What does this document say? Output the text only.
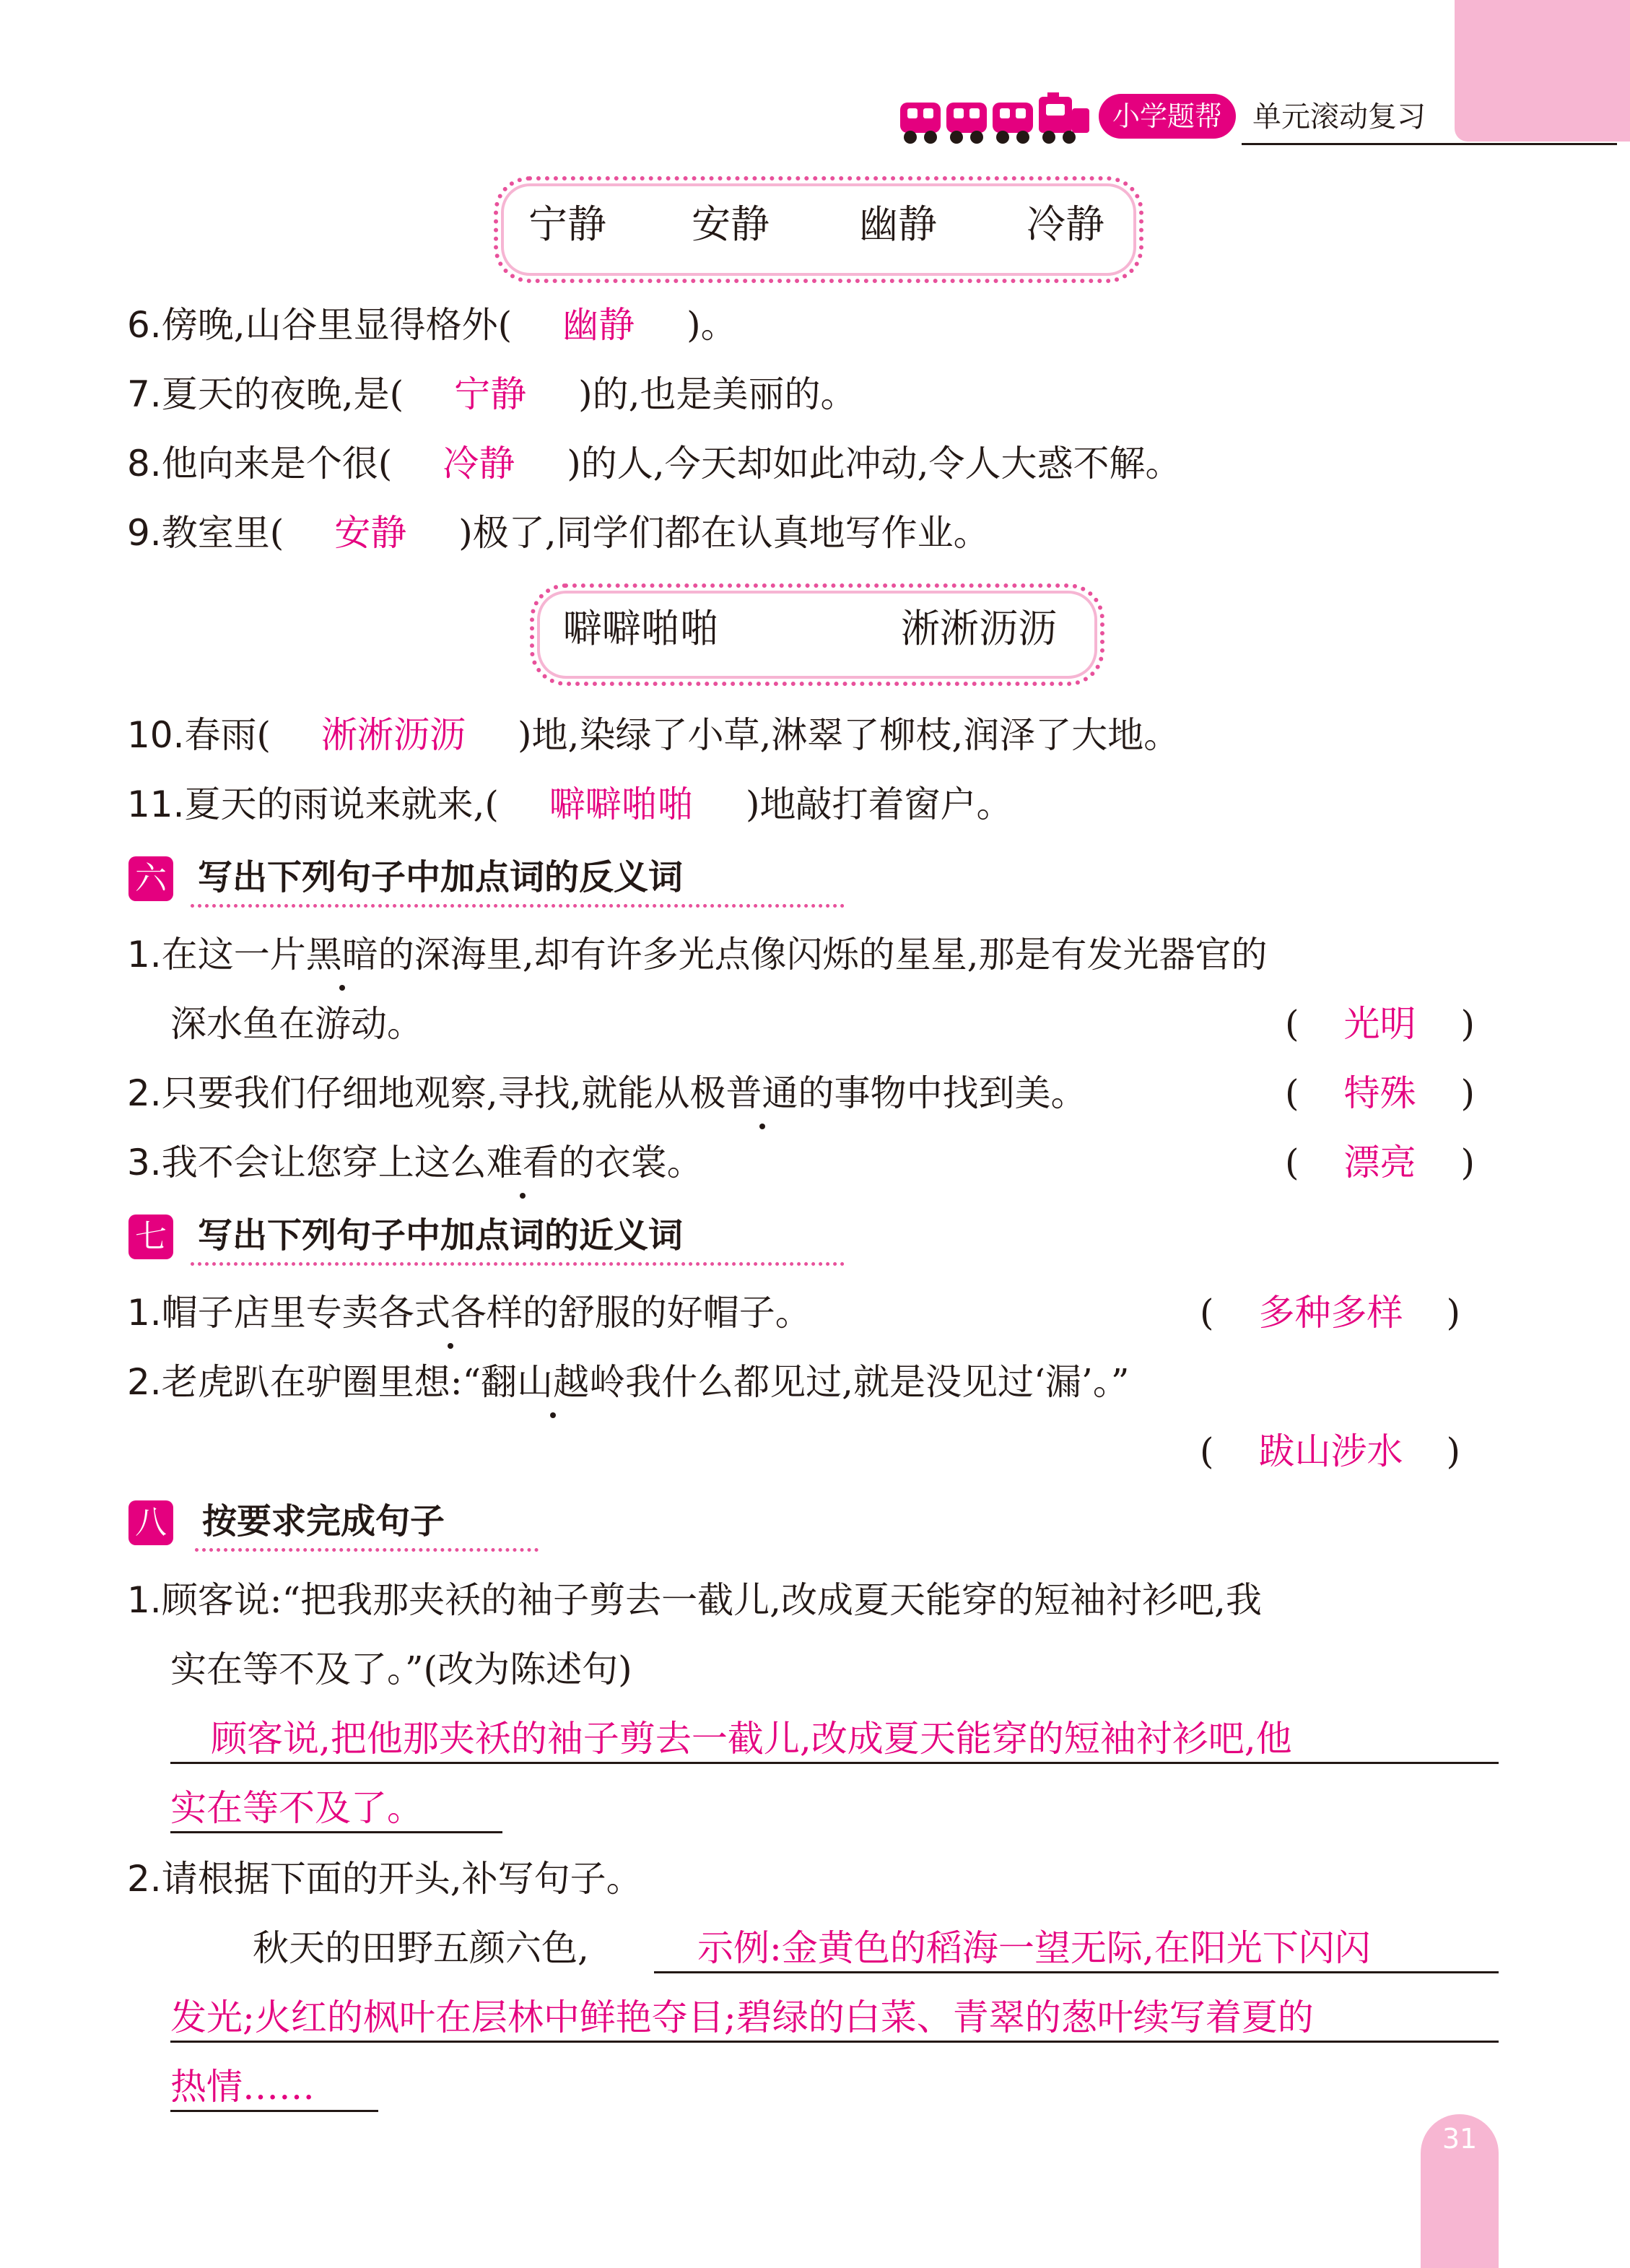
小学题帮	单元滚动复习
宁静 安静 幽静 冷静
6.傍晚,山谷里显得格外( 幽静 )。
7.夏天的夜晚,是( 宁静 )的,也是美丽的。
8.他向来是个很( 冷静 )的人,今天却如此冲动,令人大惑不解。
9.教室里( 安静 )极了,同学们都在认真地写作业。
噼噼啪啪	淅淅沥沥
10.春雨( 淅淅沥沥 )地,染绿了小草,淋翠了柳枝,润泽了大地。
11.夏天的雨说来就来,( 噼噼啪啪 )地敲打着窗户。
六 写出下列句子中加点词的反义词
1.在这一片黑暗的深海里,却有许多光点像闪烁的星星,那是有发光器官的
深水鱼在游动。	( 光明 )
2.只要我们仔细地观察,寻找,就能从极普通的事物中找到美。	( 特殊 )
3.我不会让您穿上这么难看的衣裳。	( 漂亮 )
七 写出下列句子中加点词的近义词
1.帽子店里专卖各式各样的舒服的好帽子。	( 多种多样 )
2.老虎趴在驴圈里想:“翻山越岭我什么都见过,就是没见过‘漏’。”
( 跋山涉水 )
八 按要求完成句子
1.顾客说:“把我那夹袄的袖子剪去一截儿,改成夏天能穿的短袖衬衫吧,我
实在等不及了。”(改为陈述句)
顾客说,把他那夹袄的袖子剪去一截儿,改成夏天能穿的短袖衬衫吧,他
实在等不及了。
2.请根据下面的开头,补写句子。
秋天的田野五颜六色,	示例:金黄色的稻海一望无际,在阳光下闪闪
发光;火红的枫叶在层林中鲜艳夺目;碧绿的白菜、青翠的葱叶续写着夏的
热情……
31
